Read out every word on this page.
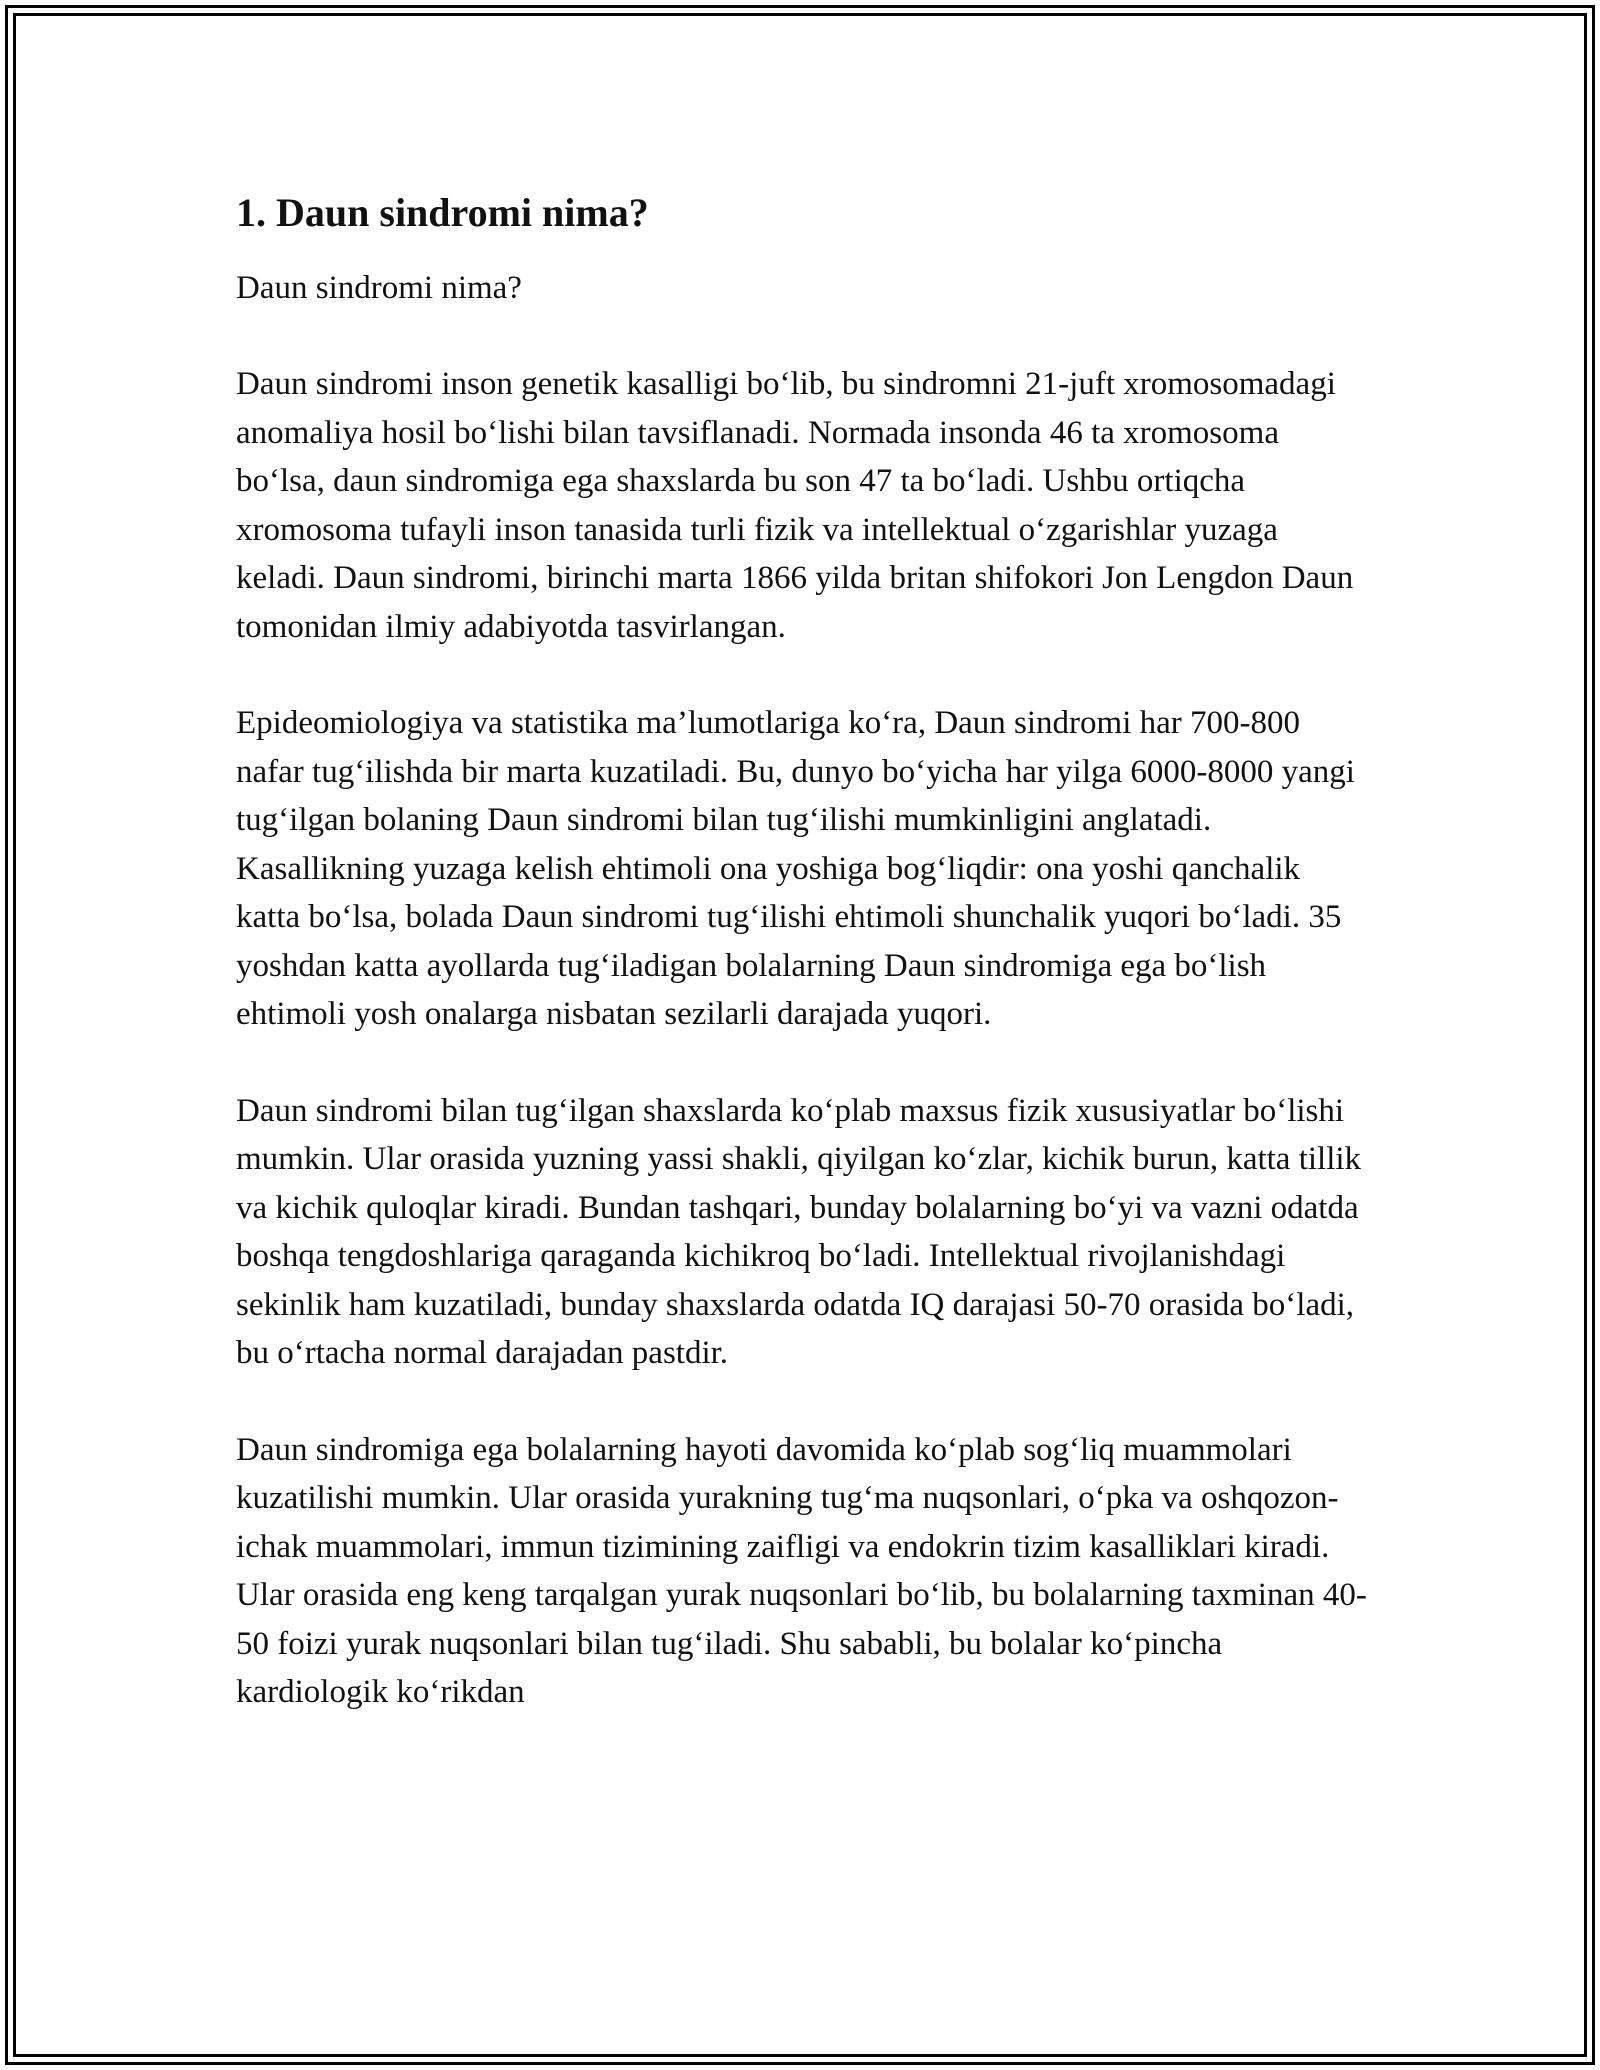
1. Daun sindromi nima?

Daun sindromi nima?

Daun sindromi inson genetik kasalligi bo‘lib, bu sindromni 21-juft xromosomadagi anomaliya hosil bo‘lishi bilan tavsiflanadi. Normada insonda 46 ta xromosoma bo‘lsa, daun sindromiga ega shaxslarda bu son 47 ta bo‘ladi. Ushbu ortiqcha xromosoma tufayli inson tanasida turli fizik va intellektual o‘zgarishlar yuzaga keladi. Daun sindromi, birinchi marta 1866 yilda britan shifokori Jon Lengdon Daun tomonidan ilmiy adabiyotda tasvirlangan.

Epideomiologiya va statistika ma’lumotlariga ko‘ra, Daun sindromi har 700-800 nafar tug‘ilishda bir marta kuzatiladi. Bu, dunyo bo‘yicha har yilga 6000-8000 yangi tug‘ilgan bolaning Daun sindromi bilan tug‘ilishi mumkinligini anglatadi. Kasallikning yuzaga kelish ehtimoli ona yoshiga bog‘liqdir: ona yoshi qanchalik katta bo‘lsa, bolada Daun sindromi tug‘ilishi ehtimoli shunchalik yuqori bo‘ladi. 35 yoshdan katta ayollarda tug‘iladigan bolalarning Daun sindromiga ega bo‘lish ehtimoli yosh onalarga nisbatan sezilarli darajada yuqori.

Daun sindromi bilan tug‘ilgan shaxslarda ko‘plab maxsus fizik xususiyatlar bo‘lishi mumkin. Ular orasida yuzning yassi shakli, qiyilgan ko‘zlar, kichik burun, katta tillik va kichik quloqlar kiradi. Bundan tashqari, bunday bolalarning bo‘yi va vazni odatda boshqa tengdoshlariga qaraganda kichikroq bo‘ladi. Intellektual rivojlanishdagi sekinlik ham kuzatiladi, bunday shaxslarda odatda IQ darajasi 50-70 orasida bo‘ladi, bu o‘rtacha normal darajadan pastdir.

Daun sindromiga ega bolalarning hayoti davomida ko‘plab sog‘liq muammolari kuzatilishi mumkin. Ular orasida yurakning tug‘ma nuqsonlari, o‘pka va oshqozon-ichak muammolari, immun tizimining zaifligi va endokrin tizim kasalliklari kiradi. Ular orasida eng keng tarqalgan yurak nuqsonlari bo‘lib, bu bolalarning taxminan 40-50 foizi yurak nuqsonlari bilan tug‘iladi. Shu sababli, bu bolalar ko‘pincha kardiologik ko‘rikdan
